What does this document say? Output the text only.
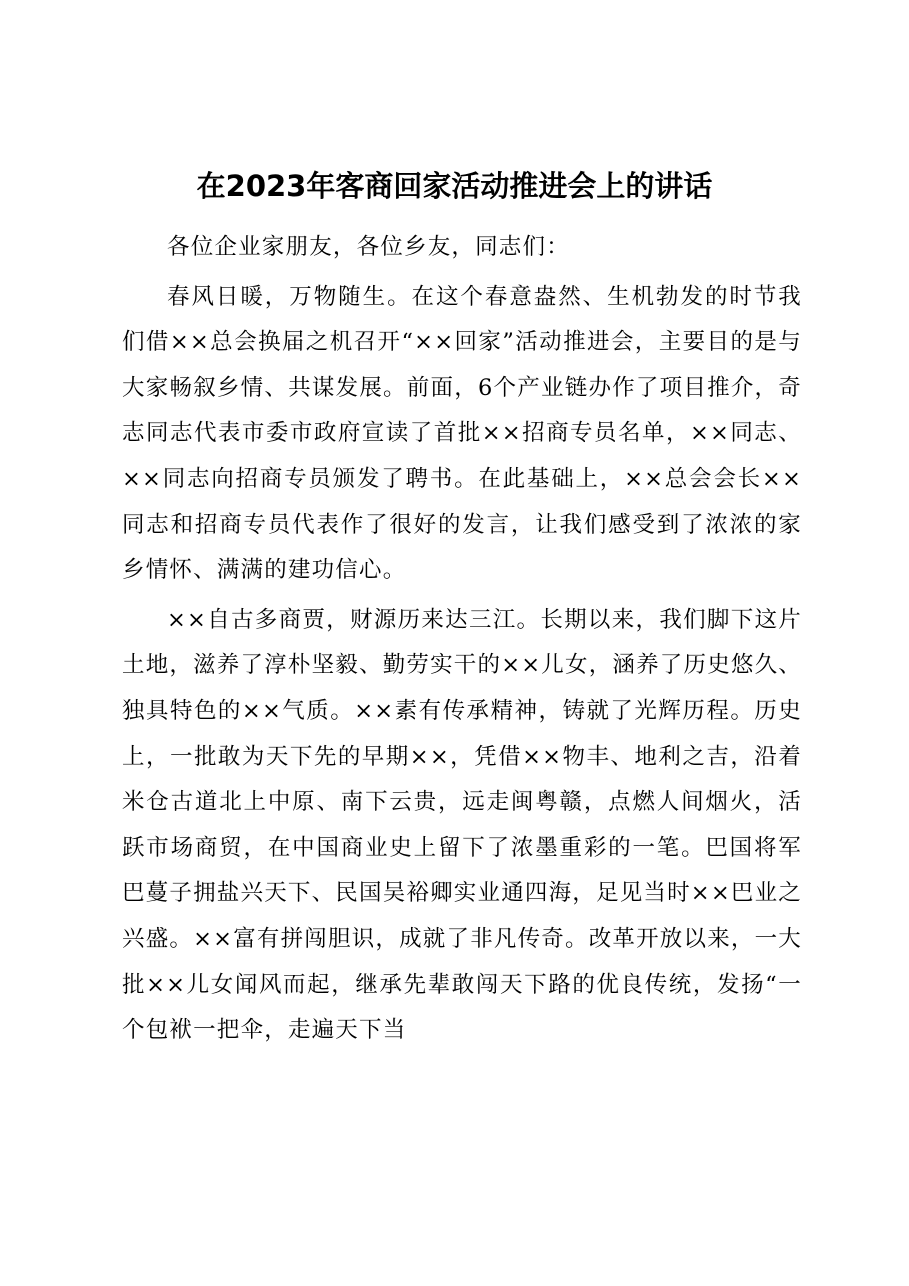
在2023年客商回家活动推进会上的讲话

各位企业家朋友，各位乡友，同志们：

春风日暖，万物随生。在这个春意盎然、生机勃发的时节我们借××总会换届之机召开“××回家”活动推进会，主要目的是与大家畅叙乡情、共谋发展。前面，6个产业链办作了项目推介，奇志同志代表市委市政府宣读了首批××招商专员名单，××同志、××同志向招商专员颁发了聘书。在此基础上，××总会会长××同志和招商专员代表作了很好的发言，让我们感受到了浓浓的家乡情怀、满满的建功信心。

××自古多商贾，财源历来达三江。长期以来，我们脚下这片土地，滋养了淳朴坚毅、勤劳实干的××儿女，涵养了历史悠久、独具特色的××气质。××素有传承精神，铸就了光辉历程。历史上，一批敢为天下先的早期××，凭借××物丰、地利之吉，沿着米仓古道北上中原、南下云贵，远走闽粤赣，点燃人间烟火，活跃市场商贸，在中国商业史上留下了浓墨重彩的一笔。巴国将军巴蔓子拥盐兴天下、民国吴裕卿实业通四海，足见当时××巴业之兴盛。××富有拼闯胆识，成就了非凡传奇。改革开放以来，一大批××儿女闻风而起，继承先辈敢闯天下路的优良传统，发扬“一个包袱一把伞，走遍天下当
